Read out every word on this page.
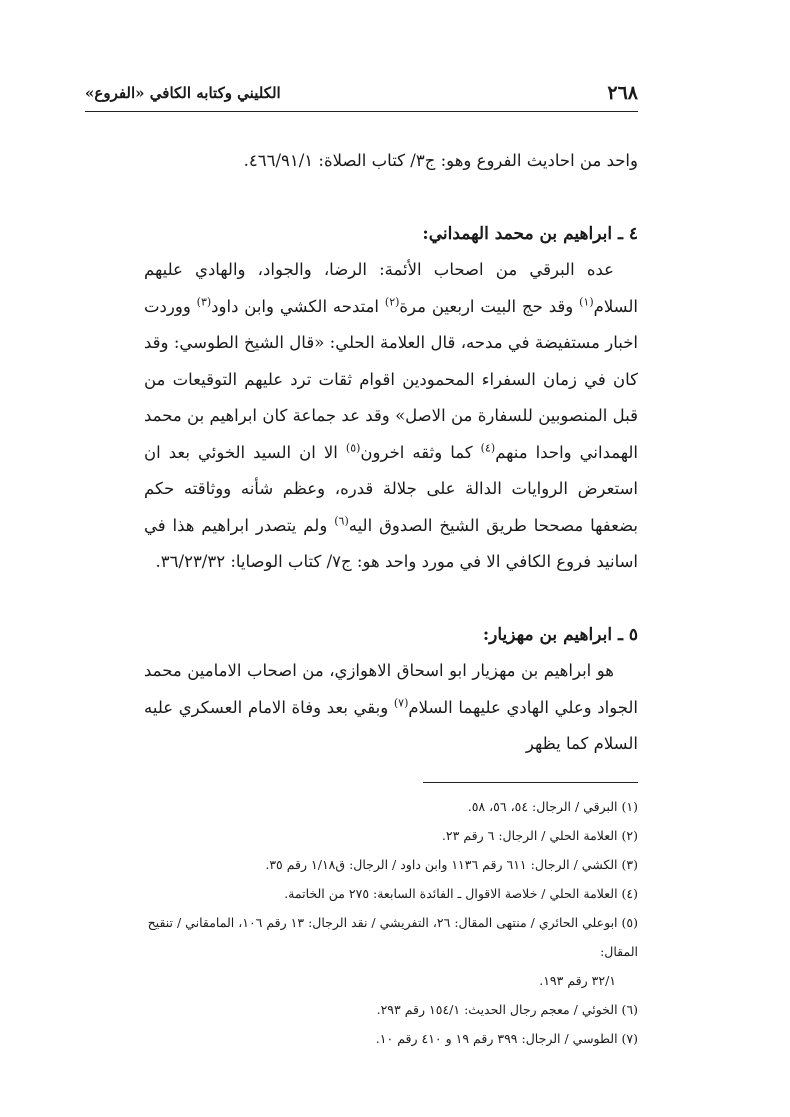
٢٦٨
الكليني وكتابه الكافي «الفروع»

واحد من احاديث الفروع وهو: ج٣/ كتاب الصلاة: ٤٦٦/٩١/١.

٤ ـ ابراهيم بن محمد الهمداني:

عده البرقي من اصحاب الأئمة: الرضا، والجواد، والهادي عليهم السلام$^{(١)}$ وقد حج البيت اربعين مرة$^{(٢)}$ امتدحه الكشي وابن داود$^{(٣)}$ ووردت اخبار مستفيضة في مدحه، قال العلامة الحلي: «قال الشيخ الطوسي: وقد كان في زمان السفراء المحمودين اقوام ثقات ترد عليهم التوقيعات من قبل المنصوبين للسفارة من الاصل» وقد عد جماعة كان ابراهيم بن محمد الهمداني واحدا منهم$^{(٤)}$ كما وثقه اخرون$^{(٥)}$ الا ان السيد الخوئي بعد ان استعرض الروايات الدالة على جلالة قدره، وعظم شأنه ووثاقته حكم بضعفها مصححا طريق الشيخ الصدوق اليه$^{(٦)}$ ولم يتصدر ابراهيم هذا في اسانيد فروع الكافي الا في مورد واحد هو: ج٧/ كتاب الوصايا: ٣٦/٢٣/٣٢.

٥ ـ ابراهيم بن مهزيار:

هو ابراهيم بن مهزيار ابو اسحاق الاهوازي، من اصحاب الامامين محمد الجواد وعلي الهادي عليهما السلام$^{(٧)}$ وبقي بعد وفاة الامام العسكري عليه السلام كما يظهر

(١) البرقي / الرجال: ٥٤، ٥٦، ٥٨.

(٢) العلامة الحلي / الرجال: ٦ رقم ٢٣.

(٣) الكشي / الرجال: ٦١١ رقم ١١٣٦ وابن داود / الرجال: ق١/١٨ رقم ٣٥.

(٤) العلامة الحلي / خلاصة الاقوال ـ الفائدة السابعة: ٢٧٥ من الخاتمة.

(٥) ابوعلي الحائري / منتهى المقال: ٢٦، التفريشي / نقد الرجال: ١٣ رقم ١٠٦، المامقاني / تنقيح المقال:

٣٢/١ رقم ١٩٣.

(٦) الخوئي / معجم رجال الحديث: ١٥٤/١ رقم ٢٩٣.

(٧) الطوسي / الرجال: ٣٩٩ رقم ١٩ و ٤١٠ رقم ١٠.
